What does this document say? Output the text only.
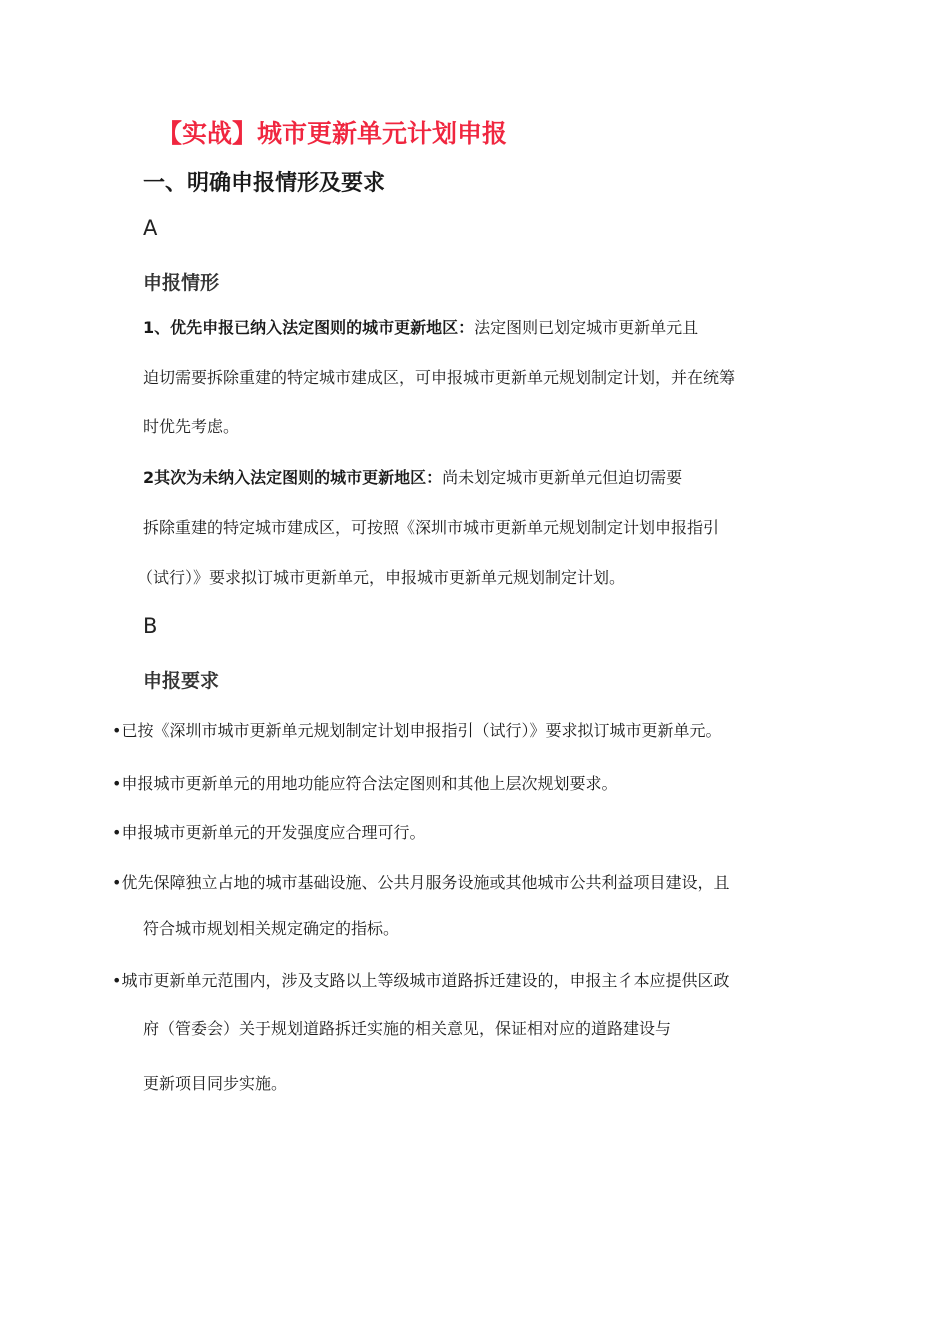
【实战】城市更新单元计划申报
一、明确申报情形及要求
A
申报情形

1、优先申报已纳入法定图则的城市更新地区：法定图则已划定城市更新单元且

迫切需要拆除重建的特定城市建成区，可申报城市更新单元规划制定计划，并在统筹

时优先考虑。

2其次为未纳入法定图则的城市更新地区：尚未划定城市更新单元但迫切需要

拆除重建的特定城市建成区，可按照《深圳市城市更新单元规划制定计划申报指引

（试行）》要求拟订城市更新单元，申报城市更新单元规划制定计划。

B
申报要求

•已按《深圳市城市更新单元规划制定计划申报指引（试行）》要求拟订城市更新单元。

•申报城市更新单元的用地功能应符合法定图则和其他上层次规划要求。

•申报城市更新单元的开发强度应合理可行。

•优先保障独立占地的城市基础设施、公共月服务设施或其他城市公共利益项目建设，且

符合城市规划相关规定确定的指标。

•城市更新单元范围内，涉及支路以上等级城市道路拆迁建设的，申报主彳本应提供区政

府（管委会）关于规划道路拆迁实施的相关意见，保证相对应的道路建设与

更新项目同步实施。
